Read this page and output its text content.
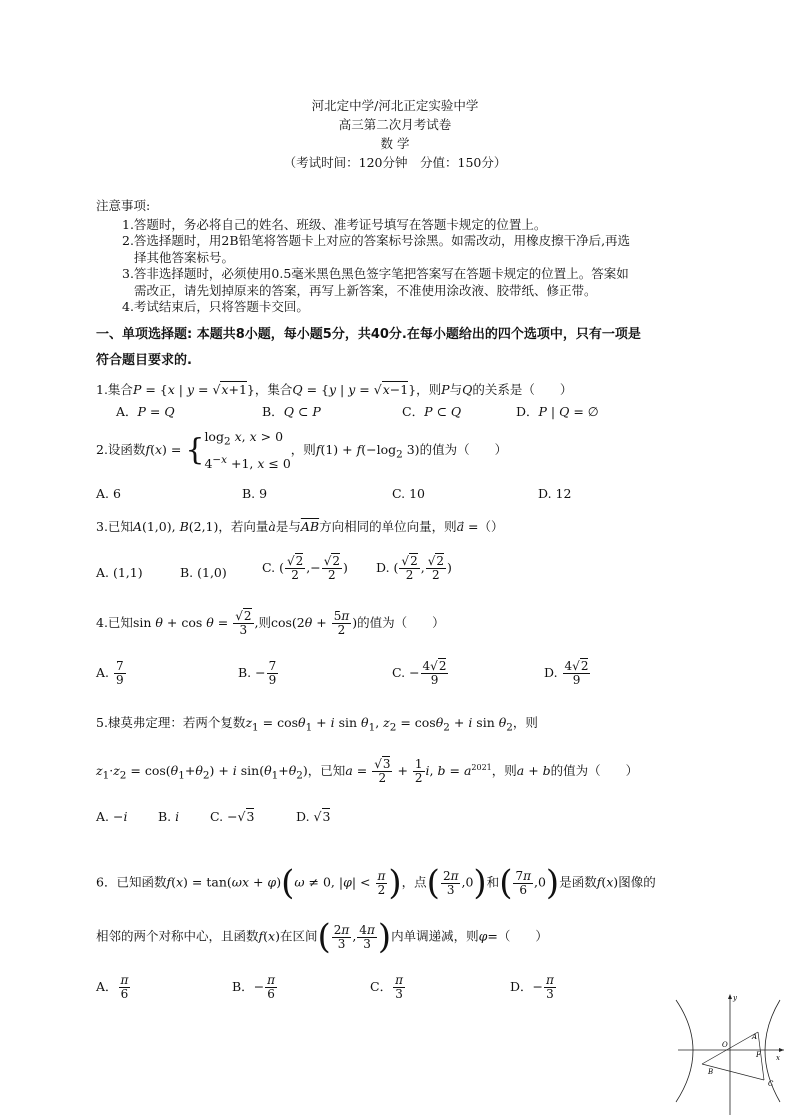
河北定中学/河北正定实验中学
高三第二次月考试卷
数 学
（考试时间：120分钟　分值：150分）
注意事项:
1.答题时，务必将自己的姓名、班级、准考证号填写在答题卡规定的位置上。
2.答选择题时，用2B铅笔将答题卡上对应的答案标号涂黑。如需改动，用橡皮擦干净后,再选
择其他答案标号。
3.答非选择题时，必须使用0.5毫米黑色黑色签字笔把答案写在答题卡规定的位置上。答案如
需改正，请先划掉原来的答案，再写上新答案，不准使用涂改液、胶带纸、修正带。
4.考试结束后，只将答题卡交回。
一、单项选择题: 本题共8小题，每小题5分，共40分.在每小题给出的四个选项中，只有一项是
符合题目要求的.
1.集合P = {x | y = √x+1}，集合Q = {y | y = √x−1}，则P与Q的关系是（　　）
A．P = Q	B．Q ⊂ P	C．P ⊂ Q	D．P | Q = ∅
2.设函数f(x) = { $\log_2 x$, x > 0
$4^{-x} +1$, x ≤ 0
，则$f(1) + f(-\log_2$ 3)的值为（　　）
A. 6	B. 9	C. 10	D. 12
3.已知A(1,0), B(2,1)，若向量a是与$\overline{AB}$方向相同的单位向量，则a⃗ =（）
A. (1,1)	B. (1,0)	C. ( $\frac{√2}{2}$ ,− $\frac{√2}{2}$ ) D. ( $\frac{√2}{2}$ , $\frac{√2}{2}$ )
4.已知$\sin \theta + \cos \theta = \frac{√2}{3}$ ,则$\cos(2\theta + \frac{5\pi}{2}$ )的值为（　　）
A. $\frac{7}{9}$	B. − $\frac{7}{9}$	C. − $\frac{4√2}{9}$	D. $\frac{4√2}{9}$
5.棣莫弗定理：若两个复数$z_1 = \cos\theta_1 + i$ $\sin \theta_1$, $z_2 = \cos\theta_2 + i$ $\sin \theta_2$，则
$z_1\cdot z_2 = \cos(\theta_1+\theta_2) + i$ $\sin(\theta_1+\theta_2)$，已知$a = \frac{√3}{2} + \frac{1}{2} i$, $b = a^{2021}$，则a + b的值为（　　）
A. −i B. i C. −√3	D. √3
6．已知函数f(x) = tan(ωx + φ)(ω ≠ 0, $|\varphi| < \frac{\pi}{2}$ )，点( $\frac{2\pi}{3} ,0$)和( $\frac{7\pi}{6} ,0$)是函数f(x)图像的
相邻的两个对称中心，且函数f(x)在区间( $\frac{2\pi}{3}$ , $\frac{4\pi}{3}$ )内单调递减，则φ=（　　）
A． $\frac{\pi}{6}$	B．− $\frac{\pi}{6}$	C． $\frac{\pi}{3}$	D．− $\frac{\pi}{3}$	y
A
O
F x
B
C
